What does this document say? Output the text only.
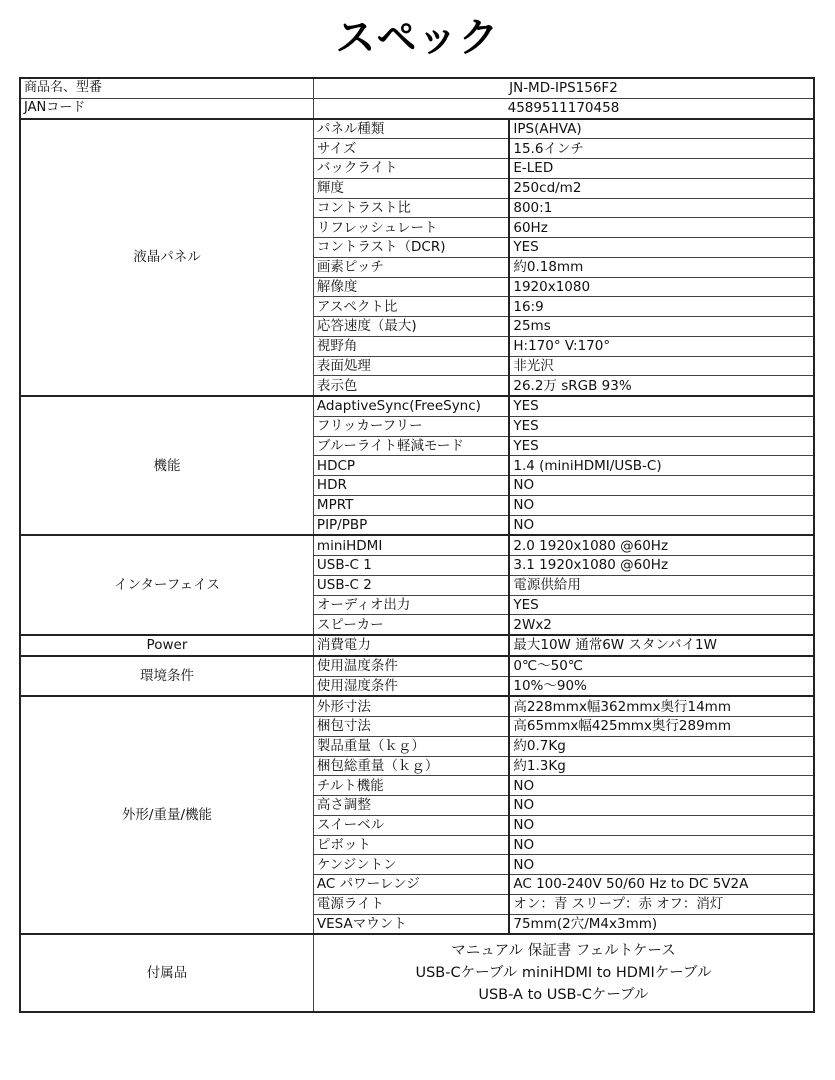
スペック
商品名、型番	JN-MD-IPS156F2	
JANコード	4589511170458	
液晶パネル	パネル種類	IPS(AHVA)
	サイズ	15.6インチ
	バックライト	E-LED
	輝度	250cd/m2
	コントラスト比	800:1
	リフレッシュレート	60Hz
	コントラスト（DCR)	YES
	画素ピッチ	約0.18mm
	解像度	1920x1080
	アスペクト比	16:9
	応答速度（最大)	25ms
	視野角	H:170° V:170°
	表面処理	非光沢
	表示色	26.2万 sRGB 93%
機能	AdaptiveSync(FreeSync)	YES
	フリッカーフリー	YES
	ブルーライト軽減モード	YES
	HDCP	1.4 (miniHDMI/USB-C)
	HDR	NO
	MPRT	NO
	PIP/PBP	NO
インターフェイス	miniHDMI	2.0 1920x1080 @60Hz
	USB-C 1	3.1 1920x1080 @60Hz
	USB-C 2	電源供給用
	オーディオ出力	YES
	スピーカー	2Wx2
Power	消費電力	最大10W 通常6W スタンバイ1W
環境条件	使用温度条件	0℃～50℃
	使用湿度条件	10%～90%
外形/重量/機能	外形寸法	高228mmx幅362mmx奥行14mm
	梱包寸法	高65mmx幅425mmx奥行289mm
	製品重量（ｋｇ）	約0.7Kg
	梱包総重量（ｋｇ）	約1.3Kg
	チルト機能	NO
	高さ調整	NO
	スイーベル	NO
	ピボット	NO
	ケンジントン	NO
	AC パワーレンジ	AC 100-240V 50/60 Hz to DC 5V2A
	電源ライト	オン：青 スリープ：赤 オフ：消灯
	VESAマウント	75mm(2穴/M4x3mm)
付属品	マニュアル 保証書 フェルトケース
USB-Cケーブル miniHDMI to HDMIケーブル
USB-A to USB-Cケーブル	
